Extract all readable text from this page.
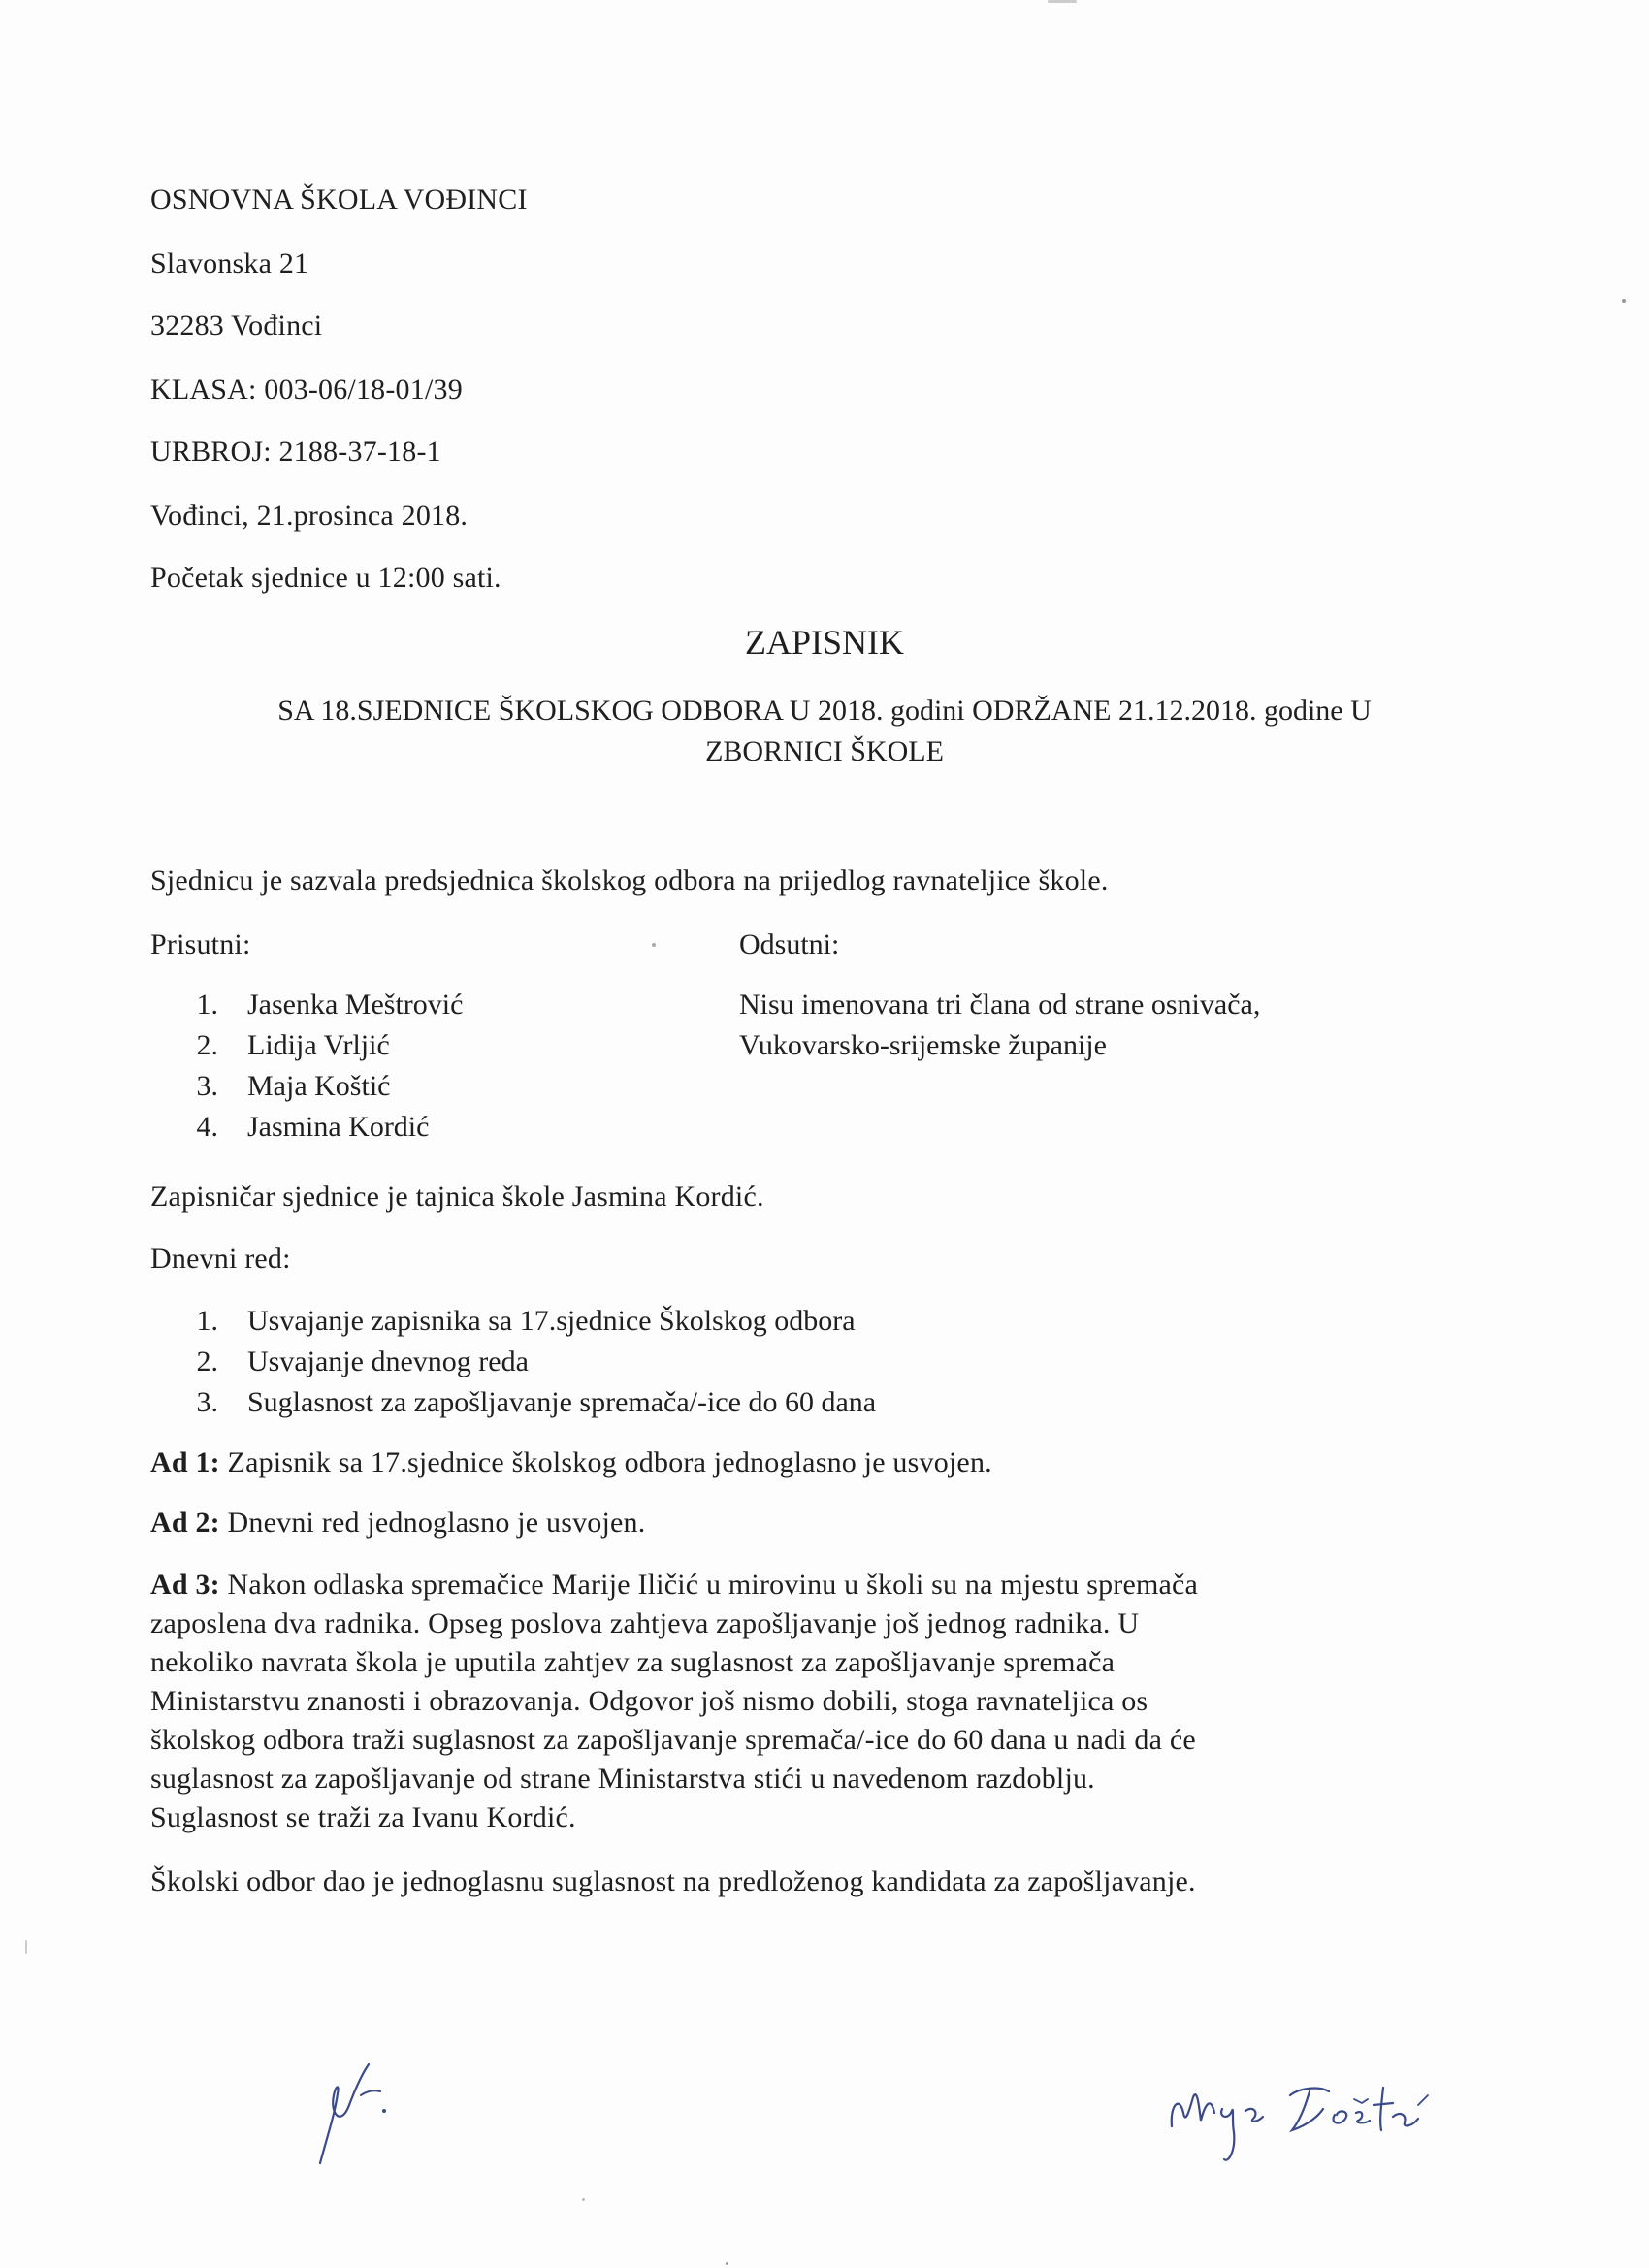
OSNOVNA ŠKOLA VOĐINCI
Slavonska 21
32283 Vođinci
KLASA: 003-06/18-01/39
URBROJ: 2188-37-18-1
Vođinci, 21.prosinca 2018.
Početak sjednice u 12:00 sati.
ZAPISNIK
SA 18.SJEDNICE ŠKOLSKOG ODBORA U 2018. godini ODRŽANE 21.12.2018. godine U
ZBORNICI ŠKOLE
Sjednicu je sazvala predsjednica školskog odbora na prijedlog ravnateljice škole.
Prisutni:	Odsutni:
1. Jasenka Meštrović
2. Lidija Vrljić
3. Maja Koštić
4. Jasmina Kordić
Nisu imenovana tri člana od strane osnivača,
Vukovarsko-srijemske županije
Zapisničar sjednice je tajnica škole Jasmina Kordić.
Dnevni red:
1. Usvajanje zapisnika sa 17.sjednice Školskog odbora
2. Usvajanje dnevnog reda
3. Suglasnost za zapošljavanje spremača/-ice do 60 dana
Ad 1: Zapisnik sa 17.sjednice školskog odbora jednoglasno je usvojen.
Ad 2: Dnevni red jednoglasno je usvojen.
Ad 3: Nakon odlaska spremačice Marije Iličić u mirovinu u školi su na mjestu spremača
zaposlena dva radnika. Opseg poslova zahtjeva zapošljavanje još jednog radnika. U
nekoliko navrata škola je uputila zahtjev za suglasnost za zapošljavanje spremača
Ministarstvu znanosti i obrazovanja. Odgovor još nismo dobili, stoga ravnateljica os
školskog odbora traži suglasnost za zapošljavanje spremača/-ice do 60 dana u nadi da će
suglasnost za zapošljavanje od strane Ministarstva stići u navedenom razdoblju.
Suglasnost se traži za Ivanu Kordić.
Školski odbor dao je jednoglasnu suglasnost na predloženog kandidata za zapošljavanje.
